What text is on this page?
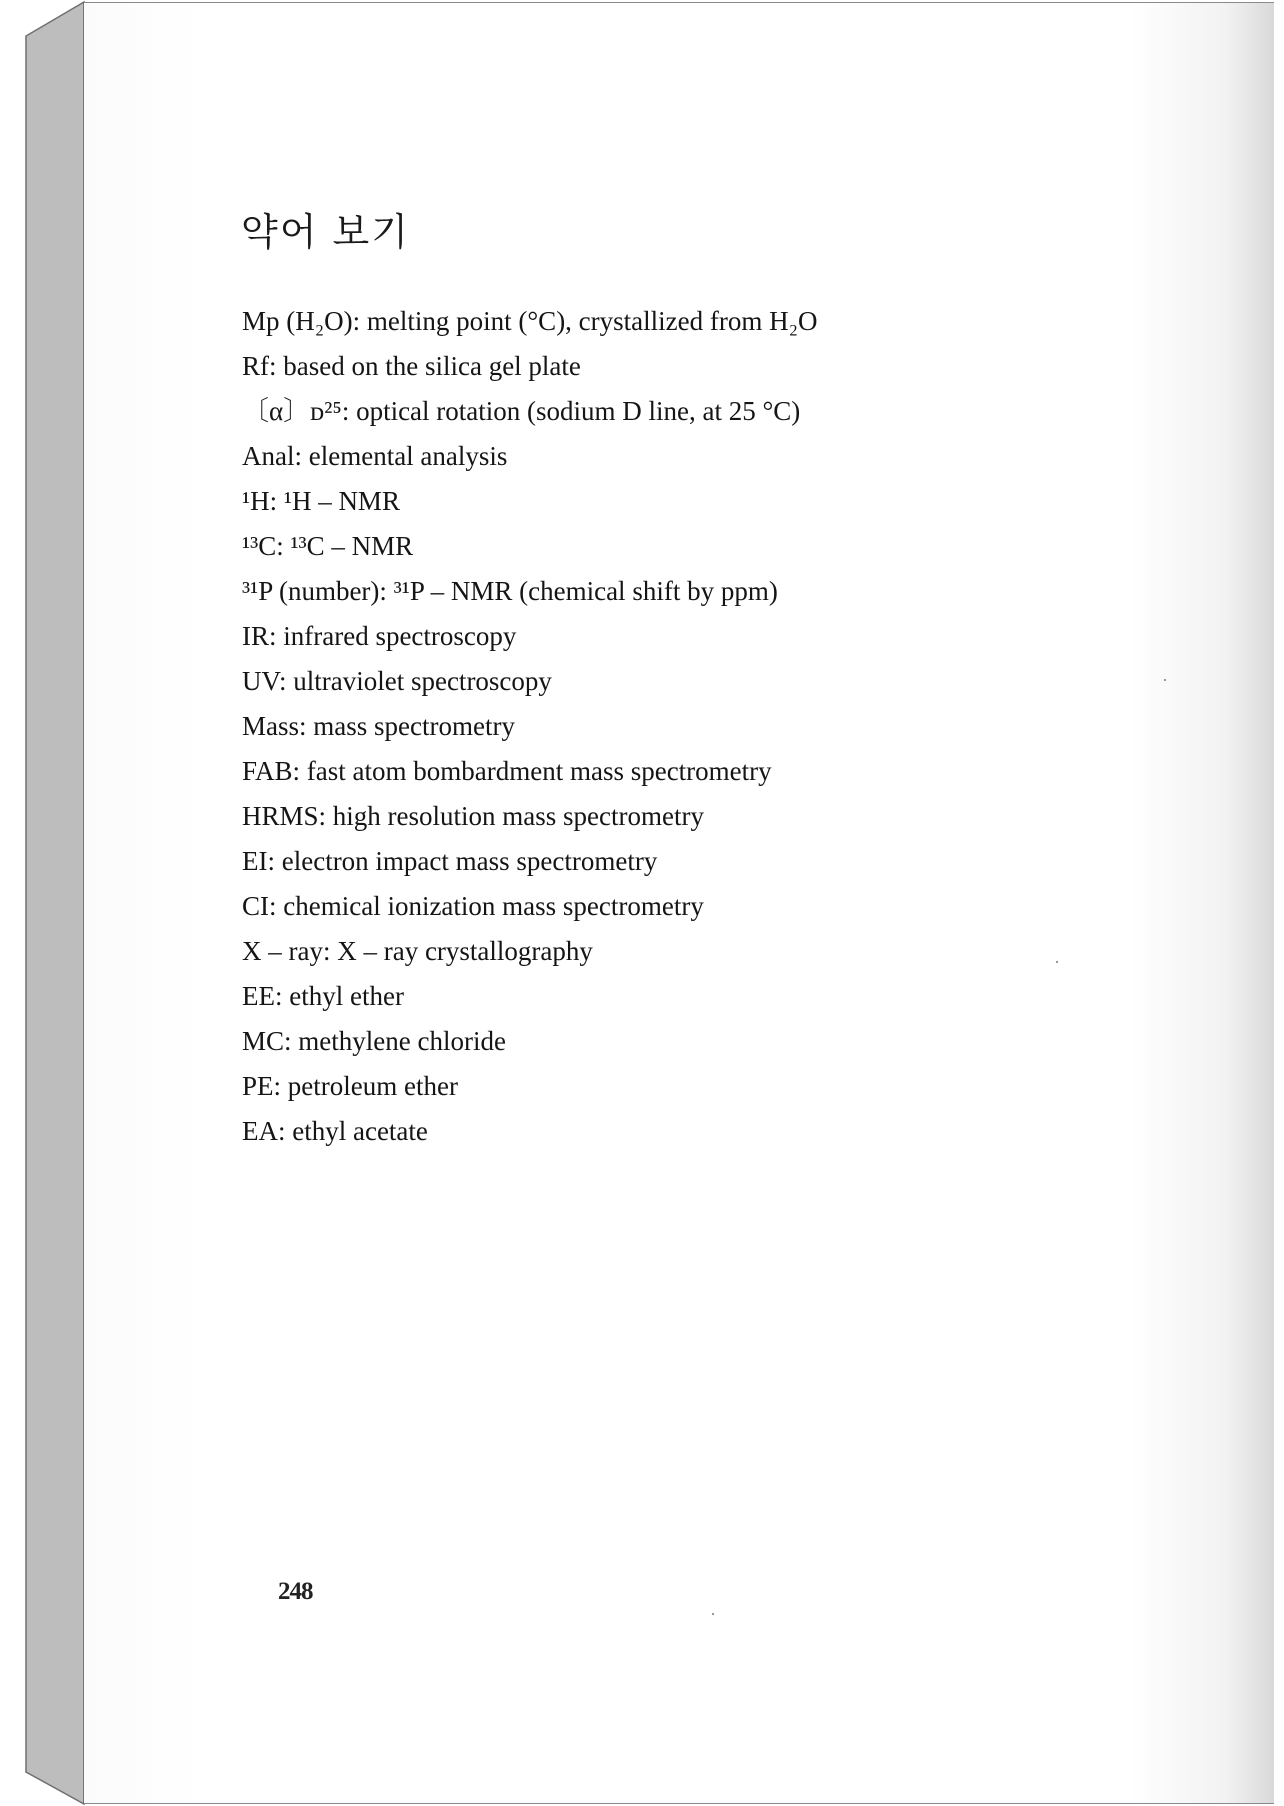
약어 보기
Mp (H₂O): melting point (°C), crystallized from H₂O
Rf: based on the silica gel plate
〔α〕ᴅ²⁵: optical rotation (sodium D line, at 25 °C)
Anal: elemental analysis
¹H: ¹H – NMR
¹³C: ¹³C – NMR
³¹P (number): ³¹P – NMR (chemical shift by ppm)
IR: infrared spectroscopy
UV: ultraviolet spectroscopy
Mass: mass spectrometry
FAB: fast atom bombardment mass spectrometry
HRMS: high resolution mass spectrometry
EI: electron impact mass spectrometry
CI: chemical ionization mass spectrometry
X – ray: X – ray crystallography
EE: ethyl ether
MC: methylene chloride
PE: petroleum ether
EA: ethyl acetate
248
